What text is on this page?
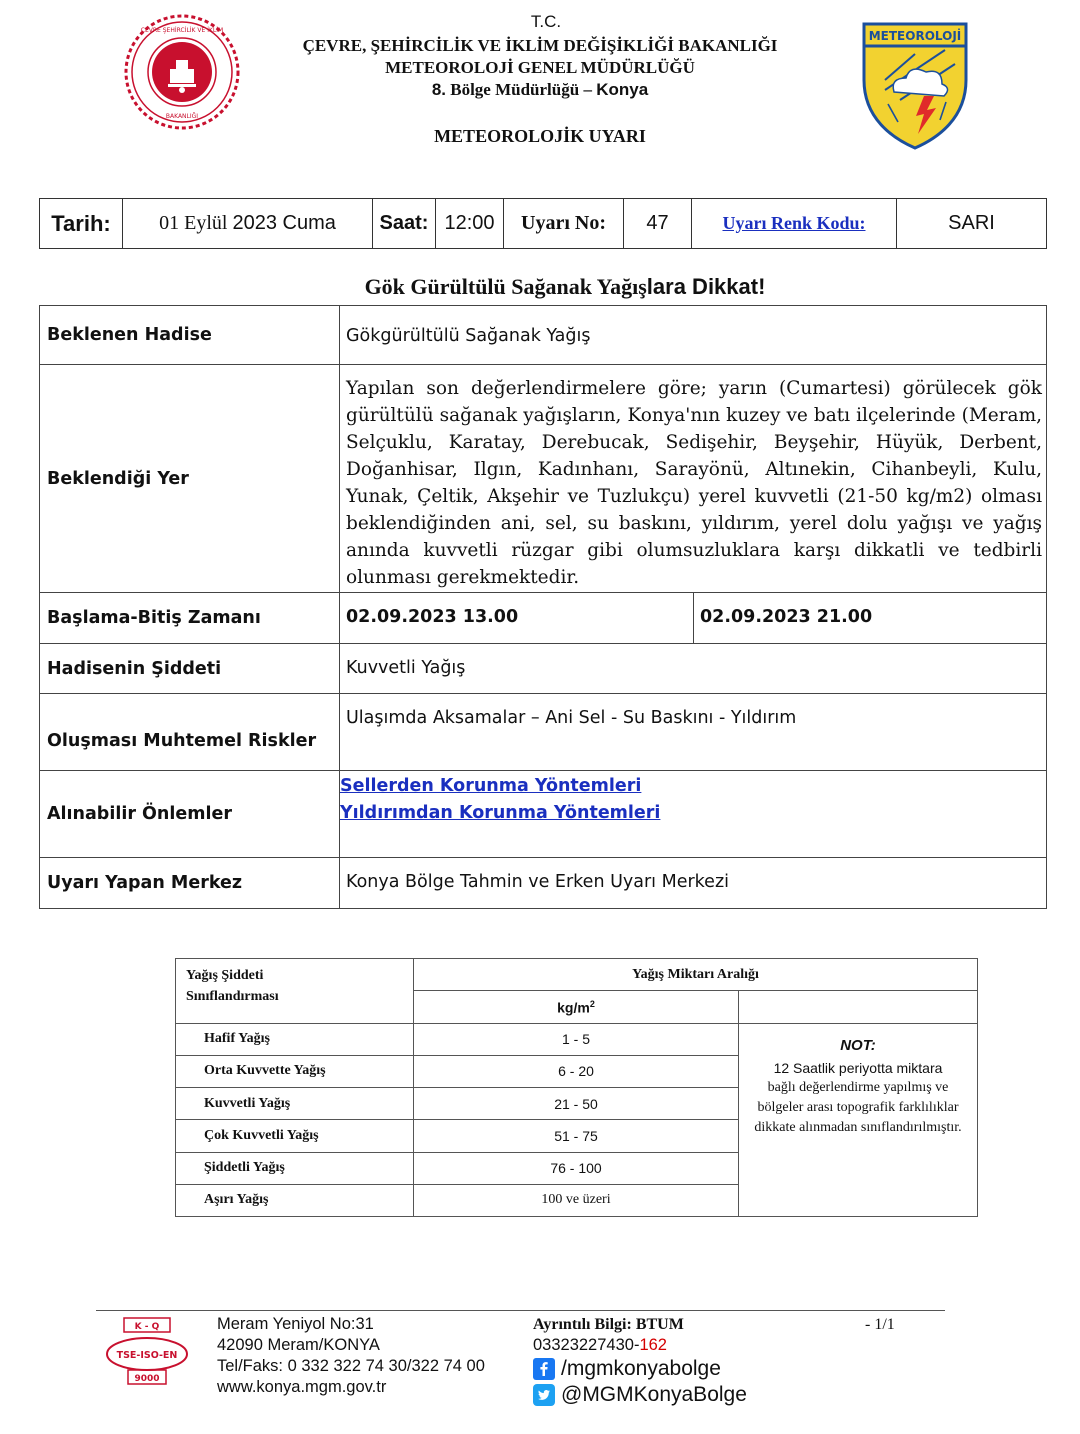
ÇEVRE ŞEHİRCİLİK VE İKLİM
BAKANLIĞI
T.C.
ÇEVRE, ŞEHİRCİLİK VE İKLİM DEĞİŞİKLİĞİ BAKANLIĞI
METEOROLOJİ GENEL MÜDÜRLÜĞÜ
8. Bölge Müdürlüğü – Konya
METEOROLOJİK UYARI
METEOROLOJİ
Tarih:	01 Eylül 2023 Cuma	Saat:	12:00	Uyarı No:	47	Uyarı Renk Kodu:	SARI
Gök Gürültülü Sağanak Yağışlara Dikkat!
Beklenen Hadise	Gökgürültülü Sağanak Yağış	
Beklendiği Yer	Yapılan son değerlendirmelere göre; yarın (Cumartesi) görülecek gök gürültülü sağanak yağışların, Konya'nın kuzey ve batı ilçelerinde (Meram, Selçuklu, Karatay, Derebucak, Sedişehir, Beyşehir, Hüyük, Derbent, Doğanhisar, Ilgın, Kadınhanı, Sarayönü, Altınekin, Cihanbeyli, Kulu, Yunak, Çeltik, Akşehir ve Tuzlukçu) yerel kuvvetli (21-50 kg/m2) olması beklendiğinden ani, sel, su baskını, yıldırım, yerel dolu yağışı ve yağış anında kuvvetli rüzgar gibi olumsuzluklara karşı dikkatli ve tedbirli olunması gerekmektedir.	
Başlama-Bitiş Zamanı	02.09.2023 13.00	02.09.2023 21.00
Hadisenin Şiddeti	Kuvvetli Yağış	
Oluşması Muhtemel Riskler	Ulaşımda Aksamalar – Ani Sel - Su Baskını - Yıldırım	
Alınabilir Önlemler	Sellerden Korunma Yöntemleri
Yıldırımdan Korunma Yöntemleri	

Uyarı Yapan Merkez	Konya Bölge Tahmin ve Erken Uyarı Merkezi	
Yağış Şiddeti
Sınıflandırması	Yağış Miktarı Aralığı	
	$kg/m^2$	
Hafif Yağış	1 - 5	NOT:
12 Saatlik periyotta miktara
bağlı değerlendirme yapılmış ve bölgeler arası topografik farklılıklar dikkate alınmadan sınıflandırılmıştır.

Orta Kuvvette Yağış	6 - 20	
Kuvvetli Yağış	21 - 50	
Çok Kuvvetli Yağış	51 - 75	
Şiddetli Yağış	76 - 100	
Aşırı Yağış	100 ve üzeri	
K - Q
TSE-ISO-EN
9000
Meram Yeniyol No:31
42090 Meram/KONYA
Tel/Faks: 0 332 322 74 30/322 74 00
www.konya.mgm.gov.tr
Ayrıntılı Bilgi: BTUM
03323227430-162
/mgmkonyabolge
@MGMKonyaBolge
- 1/1
